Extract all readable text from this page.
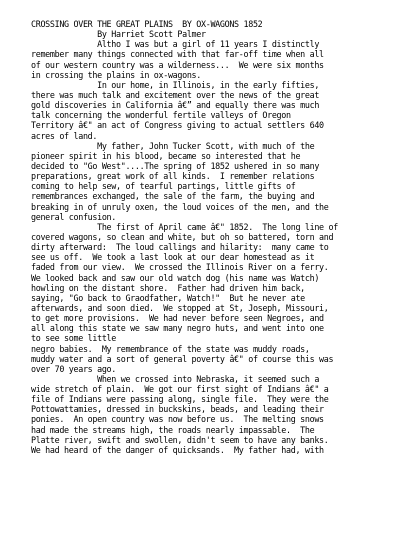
CROSSING OVER THE GREAT PLAINS  BY OX-WAGONS 1852
By Harriet Scott Palmer
Altho I was but a girl of 11 years I distinctly
remember many things connected with that far-off time when all
of our western country was a wilderness...  We were six months
in crossing the plains in ox-wagons.
In our home, in Illinois, in the early fifties,
there was much talk and excitement over the news of the great
gold discoveries in California â€” and equally there was much
talk concerning the wonderful fertile valleys of Oregon
Territory â€" an act of Congress giving to actual settlers 640
acres of land.
My father, John Tucker Scott, with much of the
pioneer spirit in his blood, became so interested that he
decided to "Go West"....The spring of 1852 ushered in so many
preparations, great work of all kinds.  I remember relations
coming to help sew, of tearful partings, little gifts of
remembrances exchanged, the sale of the farm, the buying and
breaking in of unruly oxen, the loud voices of the men, and the
general confusion.
The first of April came â€" 1852.  The long line of
covered wagons, so clean and white, but oh so battered, torn and
dirty afterward:  The loud callings and hilarity:  many came to
see us off.  We took a last look at our dear homestead as it
faded from our view.  We crossed the Illinois River on a ferry.
We looked back and saw our old watch dog (his name was Watch)
howling on the distant shore.  Father had driven him back,
saying, "Go back to Graodfather, Watch!"  But he never ate
afterwards, and soon died.  We stopped at St, Joseph, Missouri,
to get more provisions.  We had never before seen Negroes, and
all along this state we saw many negro huts, and went into one
to see some little
negro babies.  My remembrance of the state was muddy roads,
muddy water and a sort of general poverty â€" of course this was
over 70 years ago.
When we crossed into Nebraska, it seemed such a
wide stretch of plain.  We got our first sight of Indians â€" a
file of Indians were passing along, single file.  They were the
Pottowattamies, dressed in buckskins, beads, and leading their
ponies.  An open country was now before us.  The melting snows
had made the streams high, the roads nearly impassable.  The
Platte river, swift and swollen, didn't seem to have any banks.
We had heard of the danger of quicksands.  My father had, with
